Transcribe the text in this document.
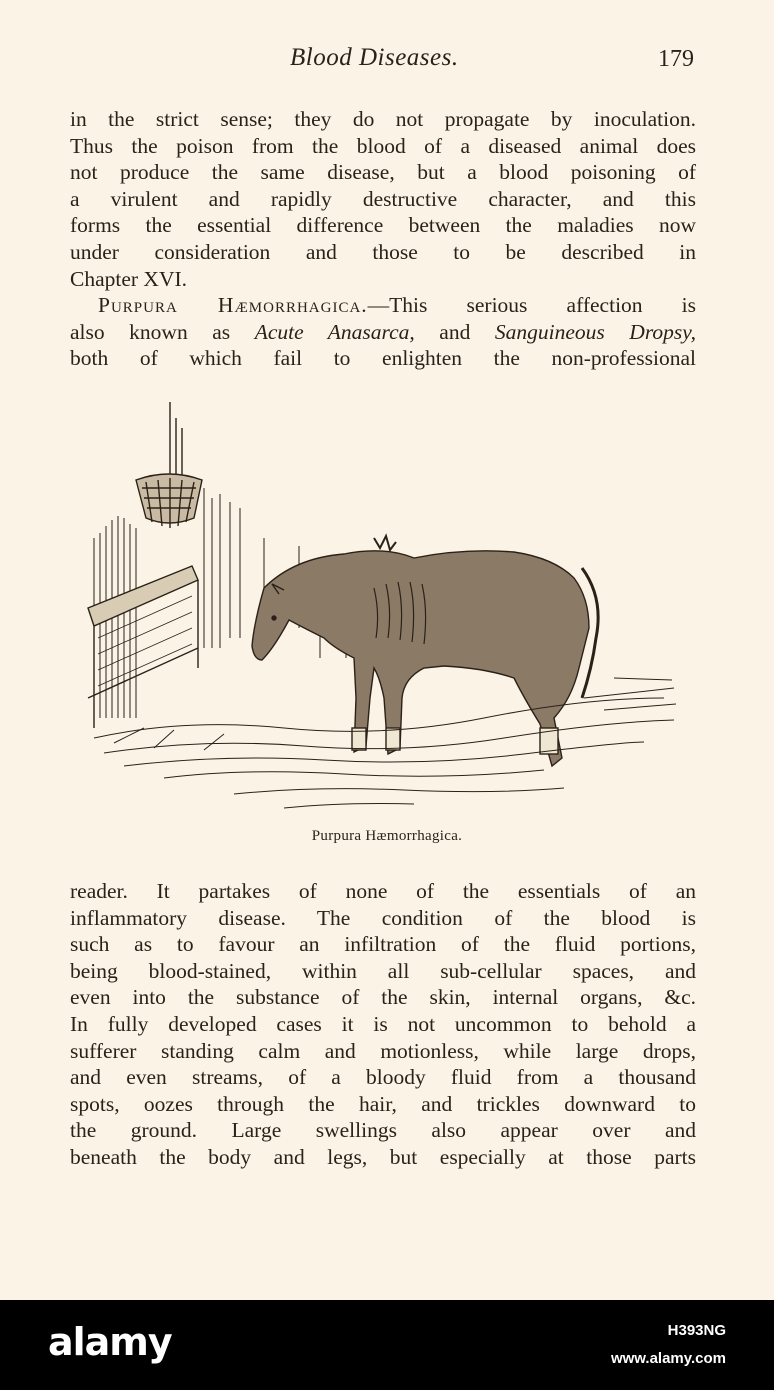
Blood Diseases.	179
in the strict sense; they do not propagate by inoculation.
Thus the poison from the blood of a diseased animal does
not produce the same disease, but a blood poisoning of
a virulent and rapidly destructive character, and this
forms the essential difference between the maladies now
under consideration and those to be described in
Chapter XVI.
Purpura Hæmorrhagica.—This serious affection is
also known as Acute Anasarca, and Sanguineous Dropsy,
both of which fail to enlighten the non-professional
Purpura Hæmorrhagica.
reader. It partakes of none of the essentials of an
inflammatory disease. The condition of the blood is
such as to favour an infiltration of the fluid portions,
being blood-stained, within all sub-cellular spaces, and
even into the substance of the skin, internal organs, &c.
In fully developed cases it is not uncommon to behold a
sufferer standing calm and motionless, while large drops,
and even streams, of a bloody fluid from a thousand
spots, oozes through the hair, and trickles downward to
the ground. Large swellings also appear over and
beneath the body and legs, but especially at those parts
alamy	H393NG
www.alamy.com
